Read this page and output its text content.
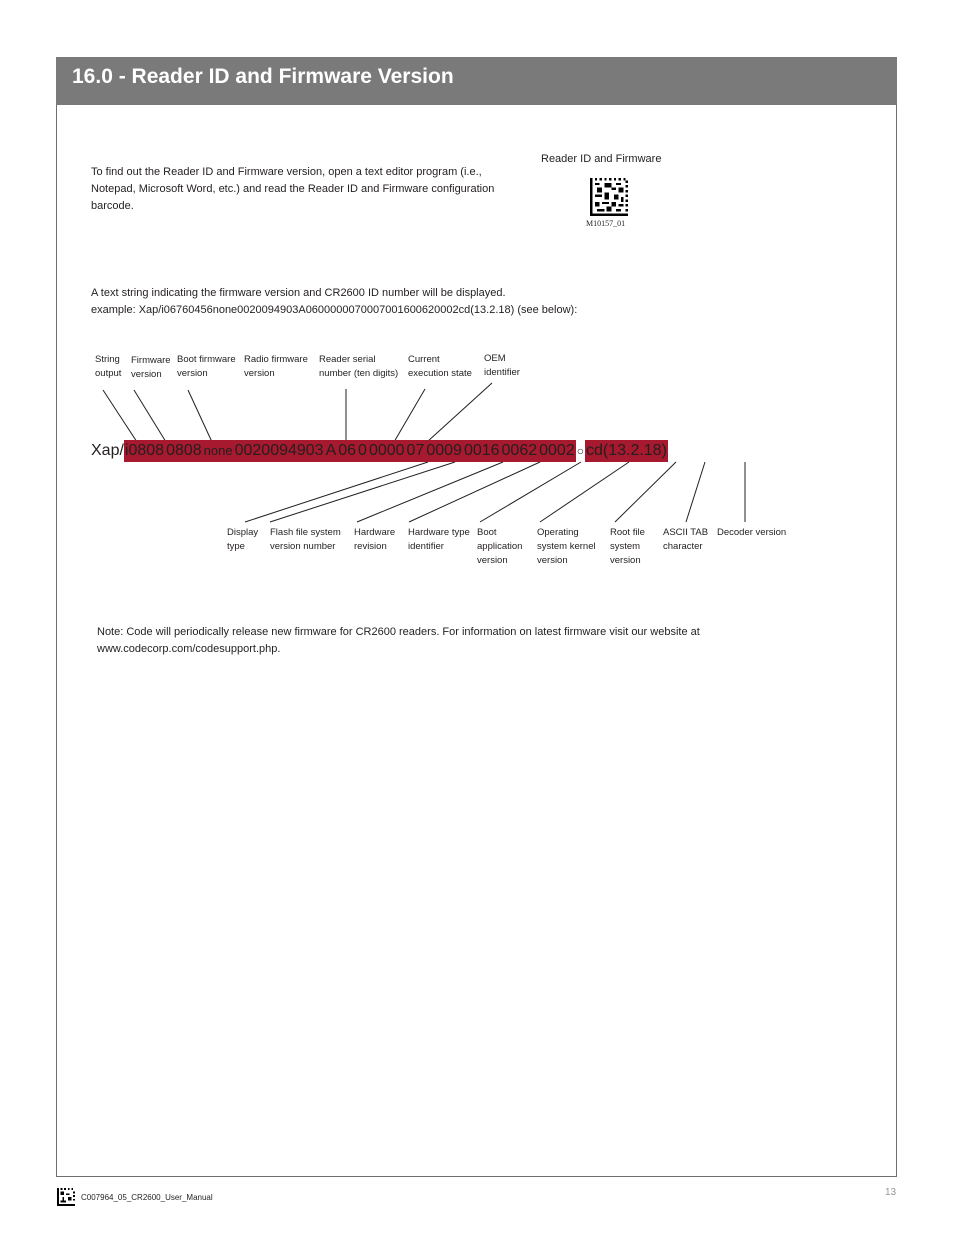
16.0 - Reader ID and Firmware Version
To find out the Reader ID and Firmware version, open a text editor program (i.e., Notepad, Microsoft Word, etc.) and read the Reader ID and Firmware configuration barcode.
Reader ID and Firmware
M10157_01
A text string indicating the firmware version and CR2600 ID number will be displayed.
example: Xap/i06760456none0020094903A0600000070007001600620002cd(13.2.18) (see below):
String
output
Firmware
version
Boot firmware
version
Radio firmware
version
Reader serial
number (ten digits)
Current
execution state
OEM
identifier
Xap/i0808 0808 none 0020094903 A 06 0 0000 07 0009 0016 0062 0002 ○ cd(13.2.18)
Display
type
Flash file system
version number
Hardware
revision
Hardware type
identifier
Boot
application
version
Operating
system kernel
version
Root file
system
version
ASCII TAB
character
Decoder version
Note: Code will periodically release new firmware for CR2600 readers. For information on latest firmware visit our website at www.codecorp.com/codesupport.php.
C007964_05_CR2600_User_Manual	13
